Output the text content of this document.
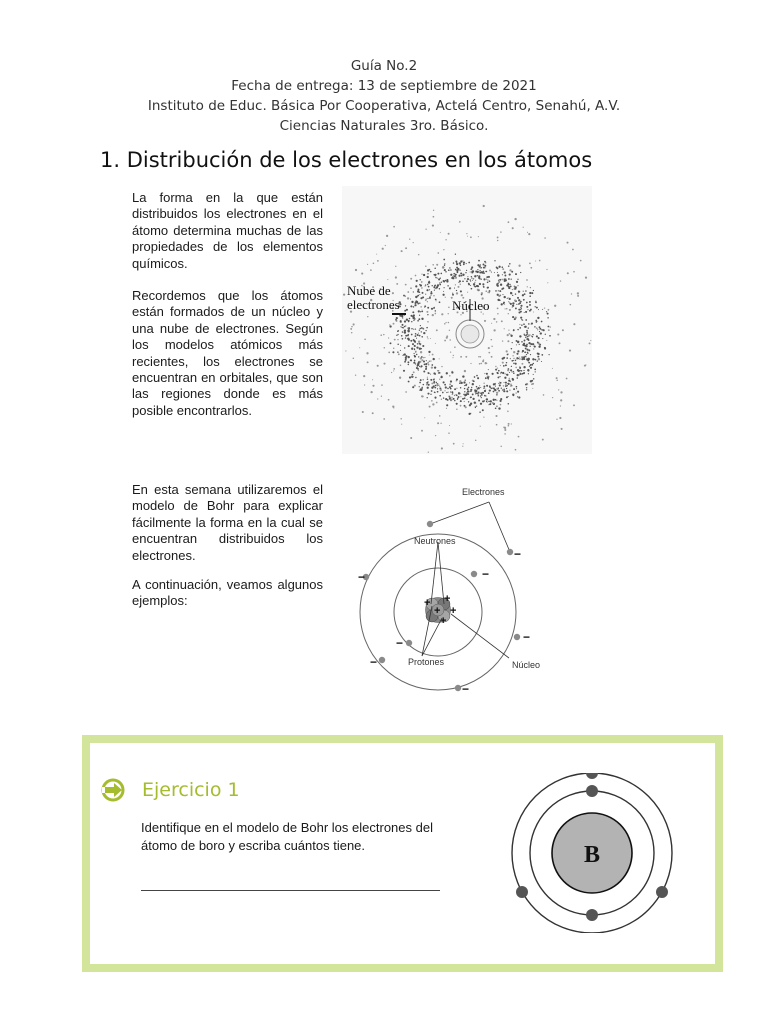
Guía No.2
Fecha de entrega: 13 de septiembre de 2021
Instituto de Educ. Básica Por Cooperativa, Actelá Centro, Senahú, A.V.
Ciencias Naturales 3ro. Básico.
1. Distribución de los electrones en los átomos

La forma en la que están distribuidos los electrones en el átomo determina muchas de las propiedades de los elementos químicos.

Recordemos que los átomos están formados de un núcleo y una nube de electrones. Según los modelos atómicos más recientes, los electrones se encuentran en orbitales, que son las regiones donde es más posible encontrarlos.

En esta semana utilizaremos el modelo de Bohr para explicar fácilmente la forma en la cual se encuentran distribuidos los electrones.

A continuación, veamos algunos ejemplos:

Núcleo
Nube de
electrones
+ +
+ +
+
−
−	−
−
−
−
−
Electrones
Neutrones
Protones	Núcleo
Ejercicio 1

Identifique en el modelo de Bohr los electrones del átomo de boro y escriba cuántos tiene.	B
